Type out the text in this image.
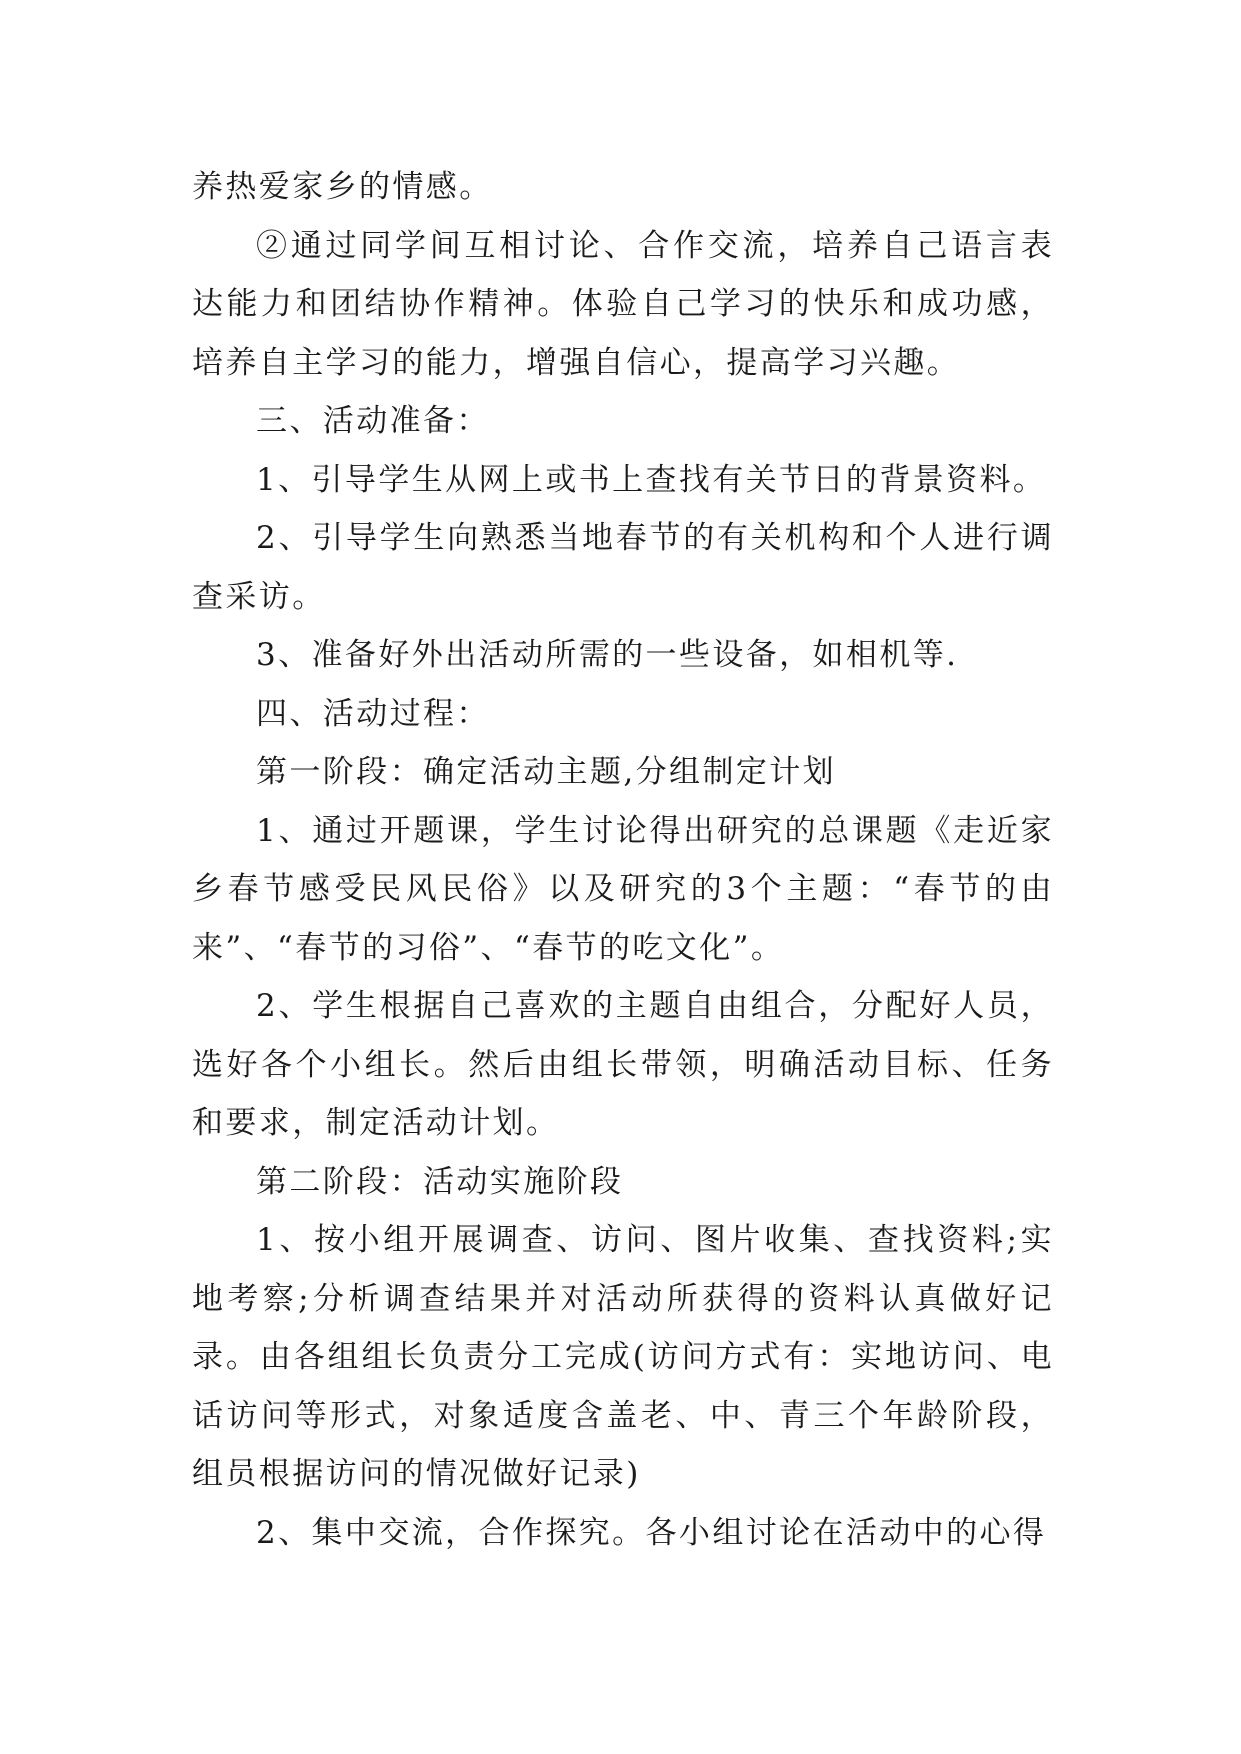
养热爱家乡的情感。

②通过同学间互相讨论、合作交流，培养自己语言表达能力和团结协作精神。体验自己学习的快乐和成功感，培养自主学习的能力，增强自信心，提高学习兴趣。

三、活动准备：

1、引导学生从网上或书上查找有关节日的背景资料。

2、引导学生向熟悉当地春节的有关机构和个人进行调查采访。

3、准备好外出活动所需的一些设备，如相机等.

四、活动过程：

第一阶段：确定活动主题,分组制定计划

1、通过开题课，学生讨论得出研究的总课题《走近家乡春节感受民风民俗》以及研究的3个主题：“春节的由来”、“春节的习俗”、“春节的吃文化”。

2、学生根据自己喜欢的主题自由组合，分配好人员，选好各个小组长。然后由组长带领，明确活动目标、任务和要求，制定活动计划。

第二阶段：活动实施阶段

1、按小组开展调查、访问、图片收集、查找资料;实地考察;分析调查结果并对活动所获得的资料认真做好记录。由各组组长负责分工完成(访问方式有：实地访问、电话访问等形式，对象适度含盖老、中、青三个年龄阶段，组员根据访问的情况做好记录)

2、集中交流，合作探究。各小组讨论在活动中的心得
